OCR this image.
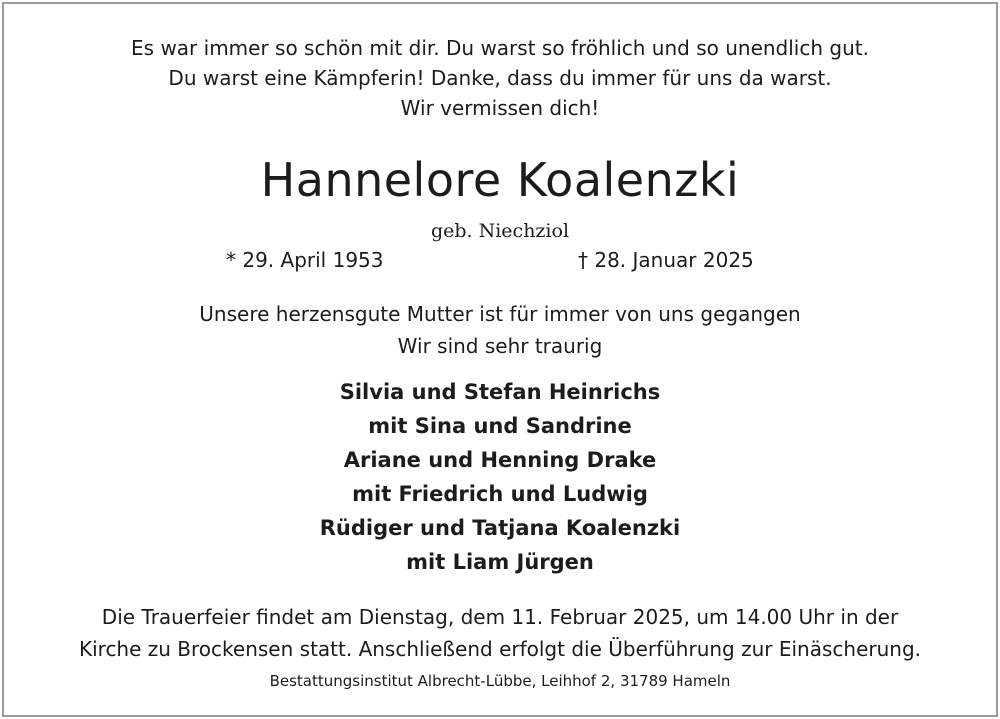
Es war immer so schön mit dir. Du warst so fröhlich und so unendlich gut.
Du warst eine Kämpferin! Danke, dass du immer für uns da warst.
Wir vermissen dich!
Hannelore Koalenzki
geb. Niechziol
* 29. April 1953	† 28. Januar 2025
Unsere herzensgute Mutter ist für immer von uns gegangen
Wir sind sehr traurig
Silvia und Stefan Heinrichs
mit Sina und Sandrine
Ariane und Henning Drake
mit Friedrich und Ludwig
Rüdiger und Tatjana Koalenzki
mit Liam Jürgen
Die Trauerfeier findet am Dienstag, dem 11. Februar 2025, um 14.00 Uhr in der
Kirche zu Brockensen statt. Anschließend erfolgt die Überführung zur Einäscherung.
Bestattungsinstitut Albrecht-Lübbe, Leihhof 2, 31789 Hameln
